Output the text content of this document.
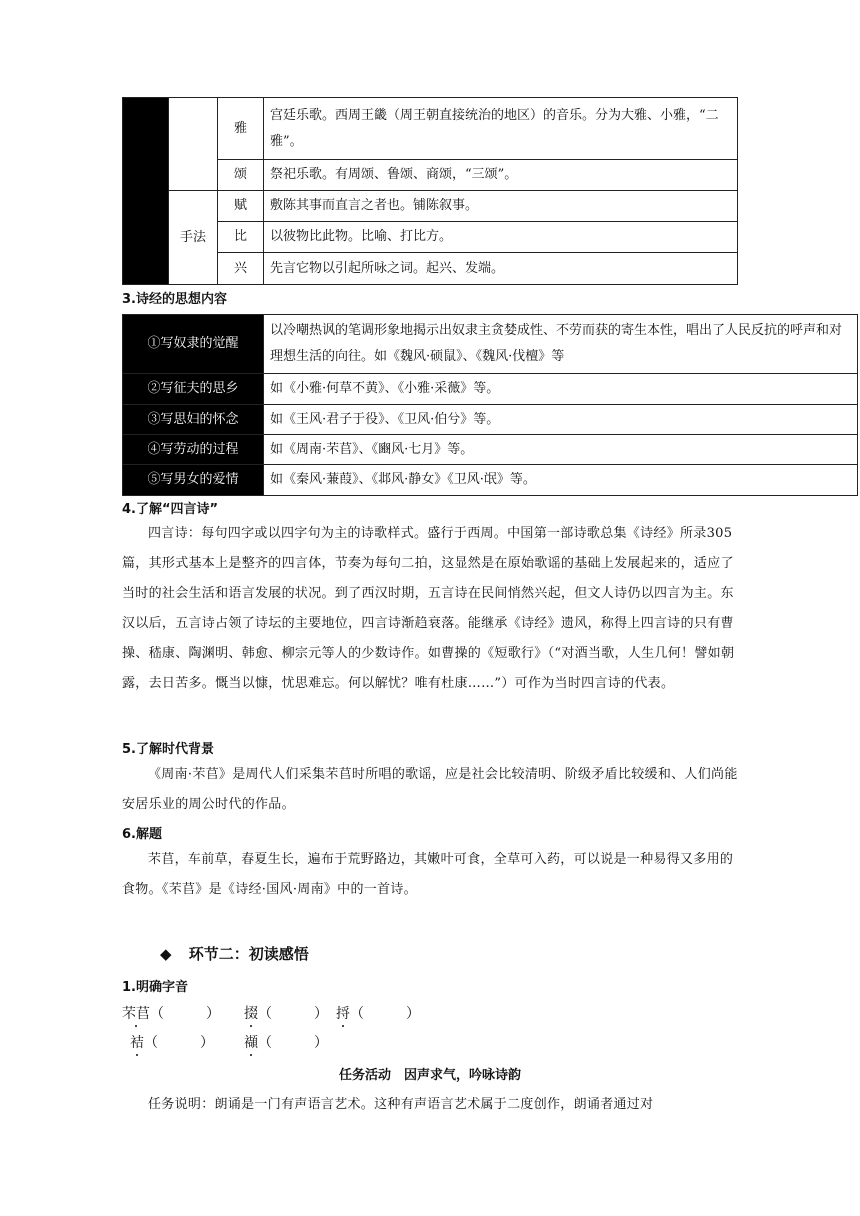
		雅	宫廷乐歌。西周王畿（周王朝直接统治的地区）的音乐。分为大雅、小雅，“二雅”。
		颂	祭祀乐歌。有周颂、鲁颂、商颂，“三颂”。
	手法	赋	敷陈其事而直言之者也。铺陈叙事。
		比	以彼物比此物。比喻、打比方。
		兴	先言它物以引起所咏之词。起兴、发端。
3.诗经的思想内容
①写奴隶的觉醒	以冷嘲热讽的笔调形象地揭示出奴隶主贪婪成性、不劳而获的寄生本性，唱出了人民反抗的呼声和对理想生活的向往。如《魏风·硕鼠》、《魏风·伐檀》等
②写征夫的思乡	如《小雅·何草不黄》、《小雅·采薇》等。
③写思妇的怀念	如《王风·君子于役》、《卫风·伯兮》等。
④写劳动的过程	如《周南·芣苢》、《豳风·七月》等。
⑤写男女的爱情	如《秦风·蒹葭》、《邶风·静女》《卫风·氓》等。
4.了解“四言诗”
四言诗：每句四字或以四字句为主的诗歌样式。盛行于西周。中国第一部诗歌总集《诗经》所录305篇，其形式基本上是整齐的四言体，节奏为每句二拍，这显然是在原始歌谣的基础上发展起来的，适应了当时的社会生活和语言发展的状况。到了西汉时期，五言诗在民间悄然兴起，但文人诗仍以四言为主。东汉以后，五言诗占领了诗坛的主要地位，四言诗渐趋衰落。能继承《诗经》遗风，称得上四言诗的只有曹操、嵇康、陶渊明、韩愈、柳宗元等人的少数诗作。如曹操的《短歌行》（“对酒当歌，人生几何！譬如朝露，去日苦多。慨当以慷，忧思难忘。何以解忧？唯有杜康……”）可作为当时四言诗的代表。
5.了解时代背景
《周南·芣苢》是周代人们采集芣苢时所唱的歌谣，应是社会比较清明、阶级矛盾比较缓和、人们尚能安居乐业的周公时代的作品。
6.解题
芣苢，车前草，春夏生长，遍布于荒野路边，其嫩叶可食，全草可入药，可以说是一种易得又多用的食物。《芣苢》是《诗经·国风·周南》中的一首诗。
◆ 环节二：初读感悟
1.明确字音
芣苢（　　　） 掇（　　　） 捋（　　　）
袺（　　　） 襭（　　　）
任务活动　因声求气，吟咏诗韵
任务说明：朗诵是一门有声语言艺术。这种有声语言艺术属于二度创作，朗诵者通过对
